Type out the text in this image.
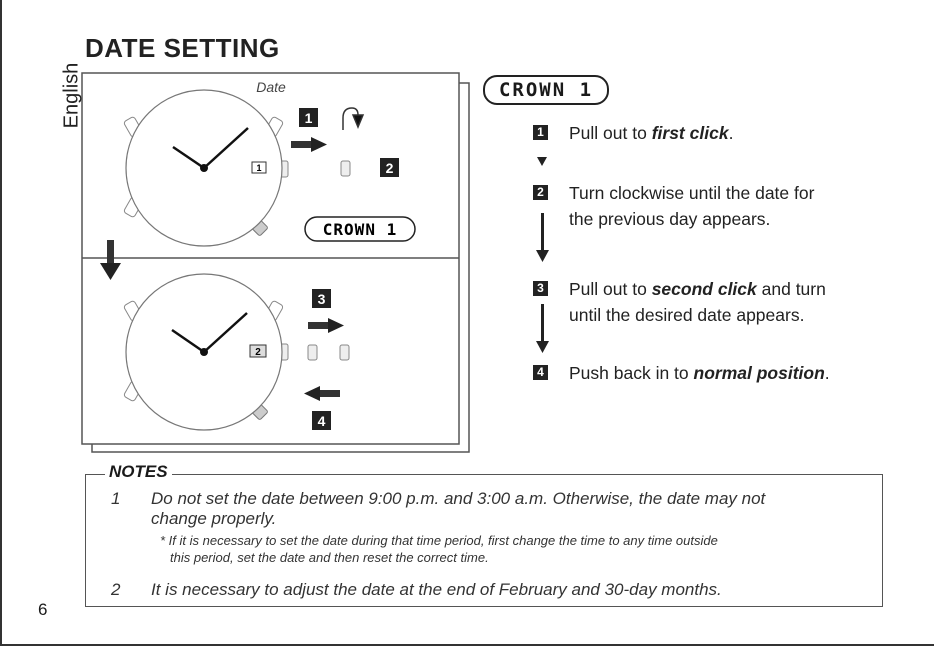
DATE SETTING
English	Date
1
1
2
CROWN 1
2
3
4
CROWN 1
1 Pull out to first click.
2 Turn clockwise until the date for
the previous day appears.
3 Pull out to second click and turn
until the desired date appears.
4 Push back in to normal position.
NOTES
1 Do not set the date between 9:00 p.m. and 3:00 a.m. Otherwise, the date may not
change properly.
* If it is necessary to set the date during that time period, first change the time to any time outside
this period, set the date and then reset the correct time.
2 It is necessary to adjust the date at the end of February and 30-day months.
6
